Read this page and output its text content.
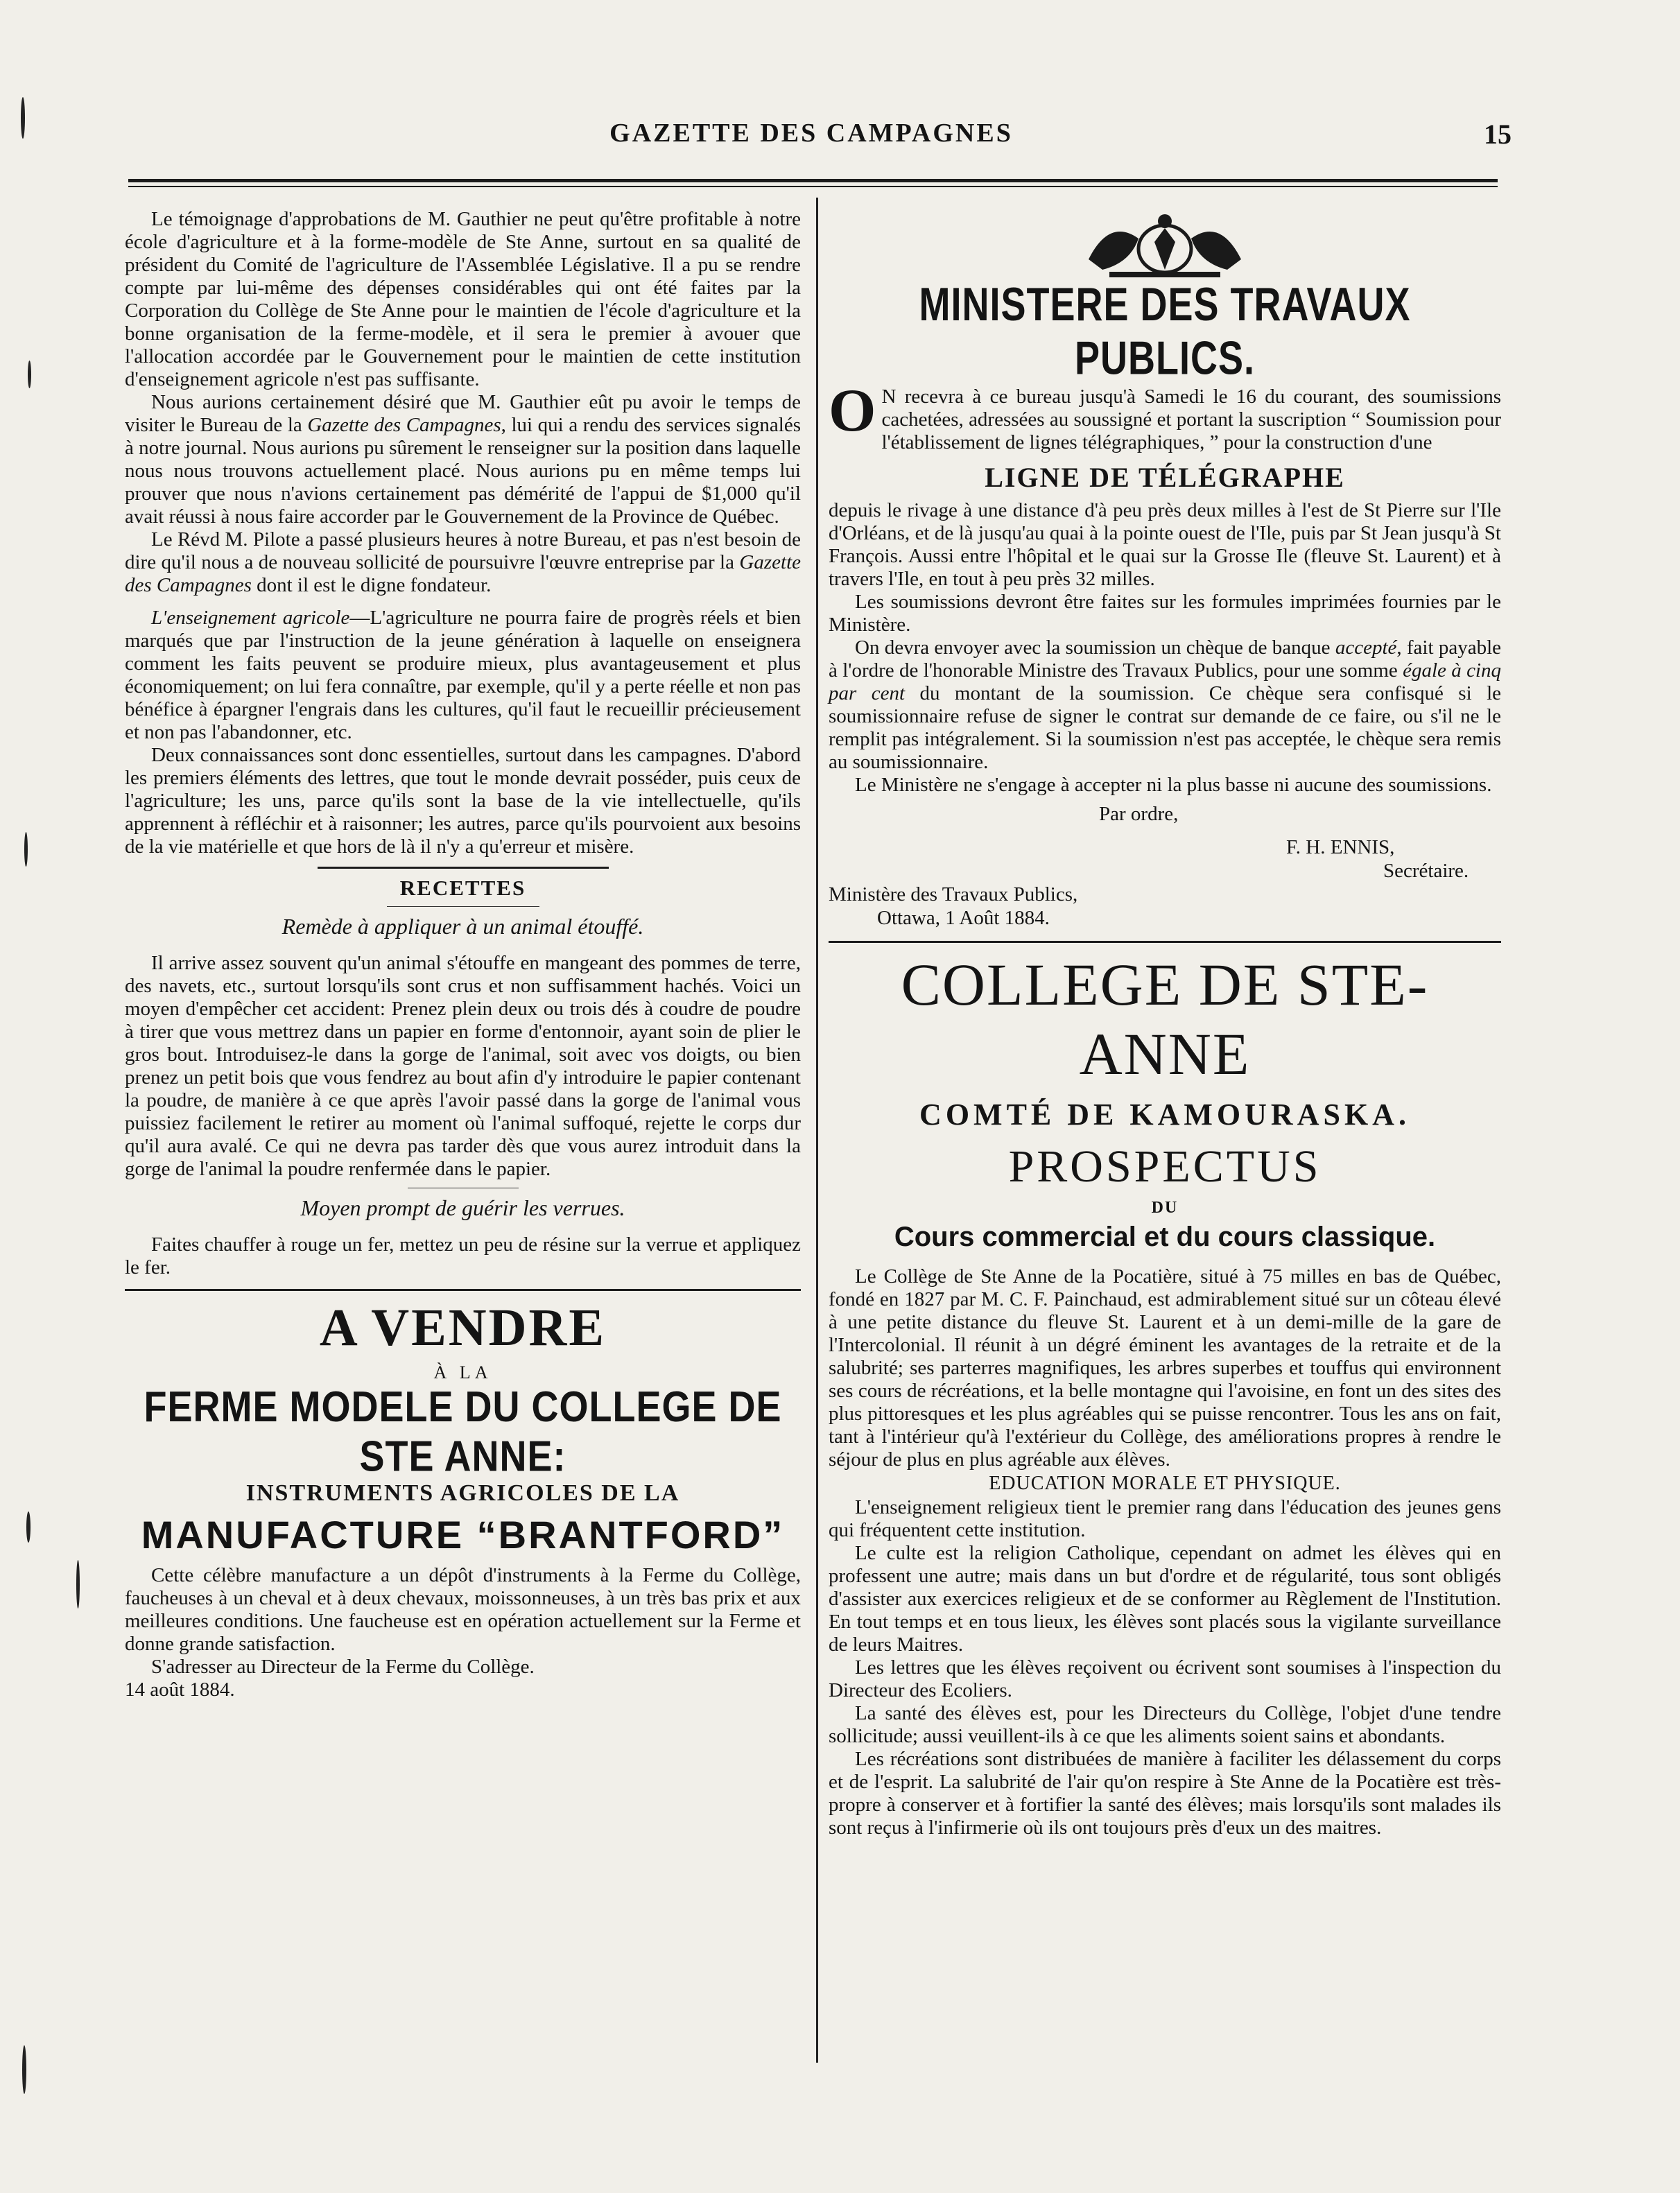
GAZETTE DES CAMPAGNES	15

Le témoignage d'approbations de M. Gauthier ne peut qu'être profitable à notre école d'agriculture et à la forme-modèle de Ste Anne, surtout en sa qualité de président du Comité de l'agriculture de l'Assemblée Législative. Il a pu se rendre compte par lui-même des dépenses considérables qui ont été faites par la Corporation du Collège de Ste Anne pour le maintien de l'école d'agriculture et la bonne organisation de la ferme-modèle, et il sera le premier à avouer que l'allocation accordée par le Gouvernement pour le maintien de cette institution d'enseignement agricole n'est pas suffisante.

Nous aurions certainement désiré que M. Gauthier eût pu avoir le temps de visiter le Bureau de la Gazette des Campagnes, lui qui a rendu des services signalés à notre journal. Nous aurions pu sûrement le renseigner sur la position dans laquelle nous nous trouvons actuellement placé. Nous aurions pu en même temps lui prouver que nous n'avions certainement pas démérité de l'appui de $1,000 qu'il avait réussi à nous faire accorder par le Gouvernement de la Province de Québec.

Le Révd M. Pilote a passé plusieurs heures à notre Bureau, et pas n'est besoin de dire qu'il nous a de nouveau sollicité de poursuivre l'œuvre entreprise par la Gazette des Campagnes dont il est le digne fondateur.

L'enseignement agricole—L'agriculture ne pourra faire de progrès réels et bien marqués que par l'instruction de la jeune génération à laquelle on enseignera comment les faits peuvent se produire mieux, plus avantageusement et plus économiquement; on lui fera connaître, par exemple, qu'il y a perte réelle et non pas bénéfice à épargner l'engrais dans les cultures, qu'il faut le recueillir précieusement et non pas l'abandonner, etc.

Deux connaissances sont donc essentielles, surtout dans les campagnes. D'abord les premiers éléments des lettres, que tout le monde devrait posséder, puis ceux de l'agriculture; les uns, parce qu'ils sont la base de la vie intellectuelle, qu'ils apprennent à réfléchir et à raisonner; les autres, parce qu'ils pourvoient aux besoins de la vie matérielle et que hors de là il n'y a qu'erreur et misère.

RECETTES
Remède à appliquer à un animal étouffé.

Il arrive assez souvent qu'un animal s'étouffe en mangeant des pommes de terre, des navets, etc., surtout lorsqu'ils sont crus et non suffisamment hachés. Voici un moyen d'empêcher cet accident: Prenez plein deux ou trois dés à coudre de poudre à tirer que vous mettrez dans un papier en forme d'entonnoir, ayant soin de plier le gros bout. Introduisez-le dans la gorge de l'animal, soit avec vos doigts, ou bien prenez un petit bois que vous fendrez au bout afin d'y introduire le papier contenant la poudre, de manière à ce que après l'avoir passé dans la gorge de l'animal vous puissiez facilement le retirer au moment où l'animal suffoqué, rejette le corps dur qu'il aura avalé. Ce qui ne devra pas tarder dès que vous aurez introduit dans la gorge de l'animal la poudre renfermée dans le papier.

Moyen prompt de guérir les verrues.

Faites chauffer à rouge un fer, mettez un peu de résine sur la verrue et appliquez le fer.

A VENDRE
À LA
FERME MODELE DU COLLEGE DE STE ANNE:
INSTRUMENTS AGRICOLES DE LA
MANUFACTURE “BRANTFORD”

Cette célèbre manufacture a un dépôt d'instruments à la Ferme du Collège, faucheuses à un cheval et à deux chevaux, moissonneuses, à un très bas prix et aux meilleures conditions. Une faucheuse est en opération actuellement sur la Ferme et donne grande satisfaction.

S'adresser au Directeur de la Ferme du Collège.

14 août 1884.

MINISTERE DES TRAVAUX PUBLICS.

O N recevra à ce bureau jusqu'à Samedi le 16 du courant, des soumissions cachetées, adressées au soussigné et portant la suscription “ Soumission pour l'établissement de lignes télégraphiques, ” pour la construction d'une

LIGNE DE TÉLÉGRAPHE

depuis le rivage à une distance d'à peu près deux milles à l'est de St Pierre sur l'Ile d'Orléans, et de là jusqu'au quai à la pointe ouest de l'Ile, puis par St Jean jusqu'à St François. Aussi entre l'hôpital et le quai sur la Grosse Ile (fleuve St. Laurent) et à travers l'Ile, en tout à peu près 32 milles.

Les soumissions devront être faites sur les formules imprimées fournies par le Ministère.

On devra envoyer avec la soumission un chèque de banque accepté, fait payable à l'ordre de l'honorable Ministre des Travaux Publics, pour une somme égale à cinq par cent du montant de la soumission. Ce chèque sera confisqué si le soumissionnaire refuse de signer le contrat sur demande de ce faire, ou s'il ne le remplit pas intégralement. Si la soumission n'est pas acceptée, le chèque sera remis au soumissionnaire.

Le Ministère ne s'engage à accepter ni la plus basse ni aucune des soumissions.

Par ordre,
F. H. ENNIS,
Secrétaire.
Ministère des Travaux Publics,
Ottawa, 1 Août 1884.
COLLEGE DE STE-ANNE
COMTÉ DE KAMOURASKA.
PROSPECTUS
DU
Cours commercial et du cours classique.

Le Collège de Ste Anne de la Pocatière, situé à 75 milles en bas de Québec, fondé en 1827 par M. C. F. Painchaud, est admirablement situé sur un côteau élevé à une petite distance du fleuve St. Laurent et à un demi-mille de la gare de l'Intercolonial. Il réunit à un dégré éminent les avantages de la retraite et de la salubrité; ses parterres magnifiques, les arbres superbes et touffus qui environnent ses cours de récréations, et la belle montagne qui l'avoisine, en font un des sites des plus pittoresques et les plus agréables qui se puisse rencontrer. Tous les ans on fait, tant à l'intérieur qu'à l'extérieur du Collège, des améliorations propres à rendre le séjour de plus en plus agréable aux élèves.

EDUCATION MORALE ET PHYSIQUE.

L'enseignement religieux tient le premier rang dans l'éducation des jeunes gens qui fréquentent cette institution.

Le culte est la religion Catholique, cependant on admet les élèves qui en professent une autre; mais dans un but d'ordre et de régularité, tous sont obligés d'assister aux exercices religieux et de se conformer au Règlement de l'Institution. En tout temps et en tous lieux, les élèves sont placés sous la vigilante surveillance de leurs Maitres.

Les lettres que les élèves reçoivent ou écrivent sont soumises à l'inspection du Directeur des Ecoliers.

La santé des élèves est, pour les Directeurs du Collège, l'objet d'une tendre sollicitude; aussi veuillent-ils à ce que les aliments soient sains et abondants.

Les récréations sont distribuées de manière à faciliter les délassement du corps et de l'esprit. La salubrité de l'air qu'on respire à Ste Anne de la Pocatière est très-propre à conserver et à fortifier la santé des élèves; mais lorsqu'ils sont malades ils sont reçus à l'infirmerie où ils ont toujours près d'eux un des maitres.
